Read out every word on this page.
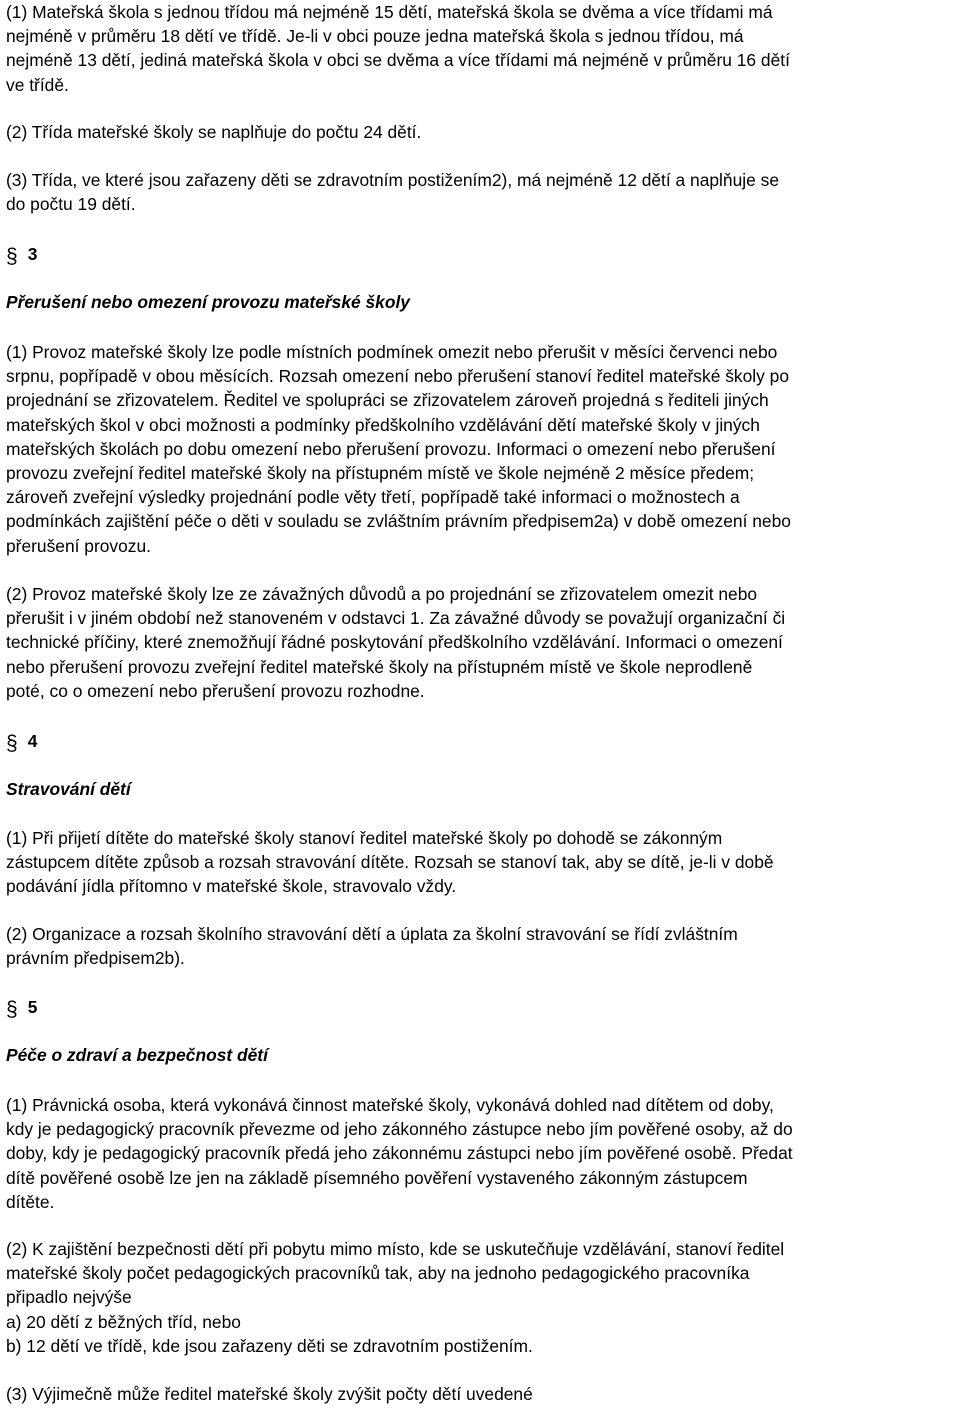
(1) Mateřská škola s jednou třídou má nejméně 15 dětí, mateřská škola se dvěma a více třídami má
nejméně v průměru 18 dětí ve třídě. Je-li v obci pouze jedna mateřská škola s jednou třídou, má
nejméně 13 dětí, jediná mateřská škola v obci se dvěma a více třídami má nejméně v průměru 16 dětí
ve třídě.

(2) Třída mateřské školy se naplňuje do počtu 24 dětí.

(3) Třída, ve které jsou zařazeny děti se zdravotním postižením2), má nejméně 12 dětí a naplňuje se
do počtu 19 dětí.

§ 3
Přerušení nebo omezení provozu mateřské školy

(1) Provoz mateřské školy lze podle místních podmínek omezit nebo přerušit v měsíci červenci nebo
srpnu, popřípadě v obou měsících. Rozsah omezení nebo přerušení stanoví ředitel mateřské školy po
projednání se zřizovatelem. Ředitel ve spolupráci se zřizovatelem zároveň projedná s řediteli jiných
mateřských škol v obci možnosti a podmínky předškolního vzdělávání dětí mateřské školy v jiných
mateřských školách po dobu omezení nebo přerušení provozu. Informaci o omezení nebo přerušení
provozu zveřejní ředitel mateřské školy na přístupném místě ve škole nejméně 2 měsíce předem;
zároveň zveřejní výsledky projednání podle věty třetí, popřípadě také informaci o možnostech a
podmínkách zajištění péče o děti v souladu se zvláštním právním předpisem2a) v době omezení nebo
přerušení provozu.

(2) Provoz mateřské školy lze ze závažných důvodů a po projednání se zřizovatelem omezit nebo
přerušit i v jiném období než stanoveném v odstavci 1. Za závažné důvody se považují organizační či
technické příčiny, které znemožňují řádné poskytování předškolního vzdělávání. Informaci o omezení
nebo přerušení provozu zveřejní ředitel mateřské školy na přístupném místě ve škole neprodleně
poté, co o omezení nebo přerušení provozu rozhodne.

§ 4
Stravování dětí

(1) Při přijetí dítěte do mateřské školy stanoví ředitel mateřské školy po dohodě se zákonným
zástupcem dítěte způsob a rozsah stravování dítěte. Rozsah se stanoví tak, aby se dítě, je-li v době
podávání jídla přítomno v mateřské škole, stravovalo vždy.

(2) Organizace a rozsah školního stravování dětí a úplata za školní stravování se řídí zvláštním
právním předpisem2b).

§ 5
Péče o zdraví a bezpečnost dětí

(1) Právnická osoba, která vykonává činnost mateřské školy, vykonává dohled nad dítětem od doby,
kdy je pedagogický pracovník převezme od jeho zákonného zástupce nebo jím pověřené osoby, až do
doby, kdy je pedagogický pracovník předá jeho zákonnému zástupci nebo jím pověřené osobě. Předat
dítě pověřené osobě lze jen na základě písemného pověření vystaveného zákonným zástupcem
dítěte.

(2) K zajištění bezpečnosti dětí při pobytu mimo místo, kde se uskutečňuje vzdělávání, stanoví ředitel
mateřské školy počet pedagogických pracovníků tak, aby na jednoho pedagogického pracovníka
připadlo nejvýše
a) 20 dětí z běžných tříd, nebo
b) 12 dětí ve třídě, kde jsou zařazeny děti se zdravotním postižením.

(3) Výjimečně může ředitel mateřské školy zvýšit počty dětí uvedené
